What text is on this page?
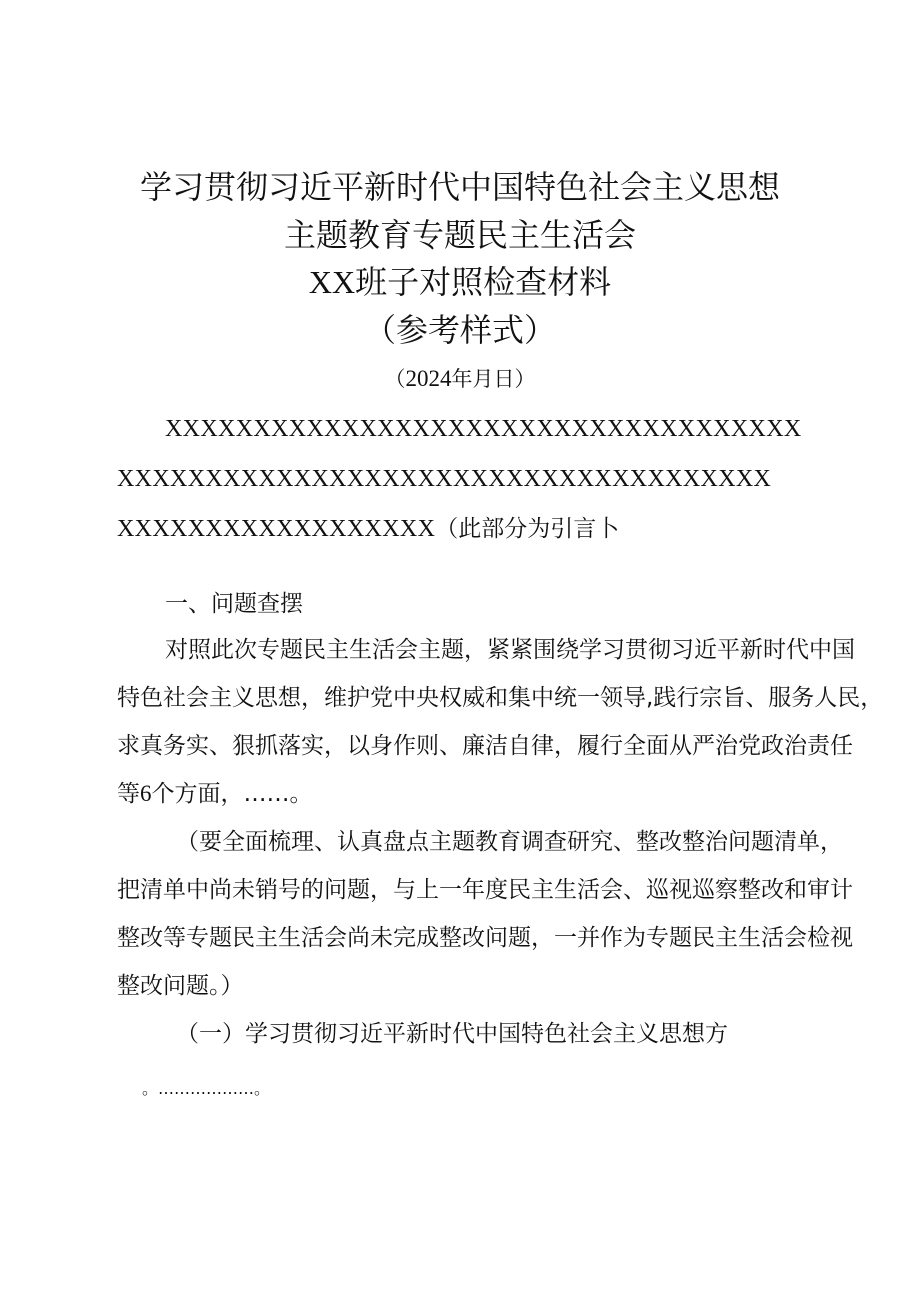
学习贯彻习近平新时代中国特色社会主义思想
主题教育专题民主生活会
XX班子对照检查材料
（参考样式）
（2024年月日）
XXXXXXXXXXXXXXXXXXXXXXXXXXXXXXXXXXXX
XXXXXXXXXXXXXXXXXXXXXXXXXXXXXXXXXXXXX
XXXXXXXXXXXXXXXXXX（此部分为引言卜
一、问题查摆
对照此次专题民主生活会主题，紧紧围绕学习贯彻习近平新时代中国
特色社会主义思想，维护党中央权威和集中统一领导,践行宗旨、服务人民，
求真务实、狠抓落实，以身作则、廉洁自律，履行全面从严治党政治责任
等6个方面，……。
（要全面梳理、认真盘点主题教育调查研究、整改整治问题清单，
把清单中尚未销号的问题，与上一年度民主生活会、巡视巡察整改和审计
整改等专题民主生活会尚未完成整改问题，一并作为专题民主生活会检视
整改问题。）
（一）学习贯彻习近平新时代中国特色社会主义思想方
。………………。
